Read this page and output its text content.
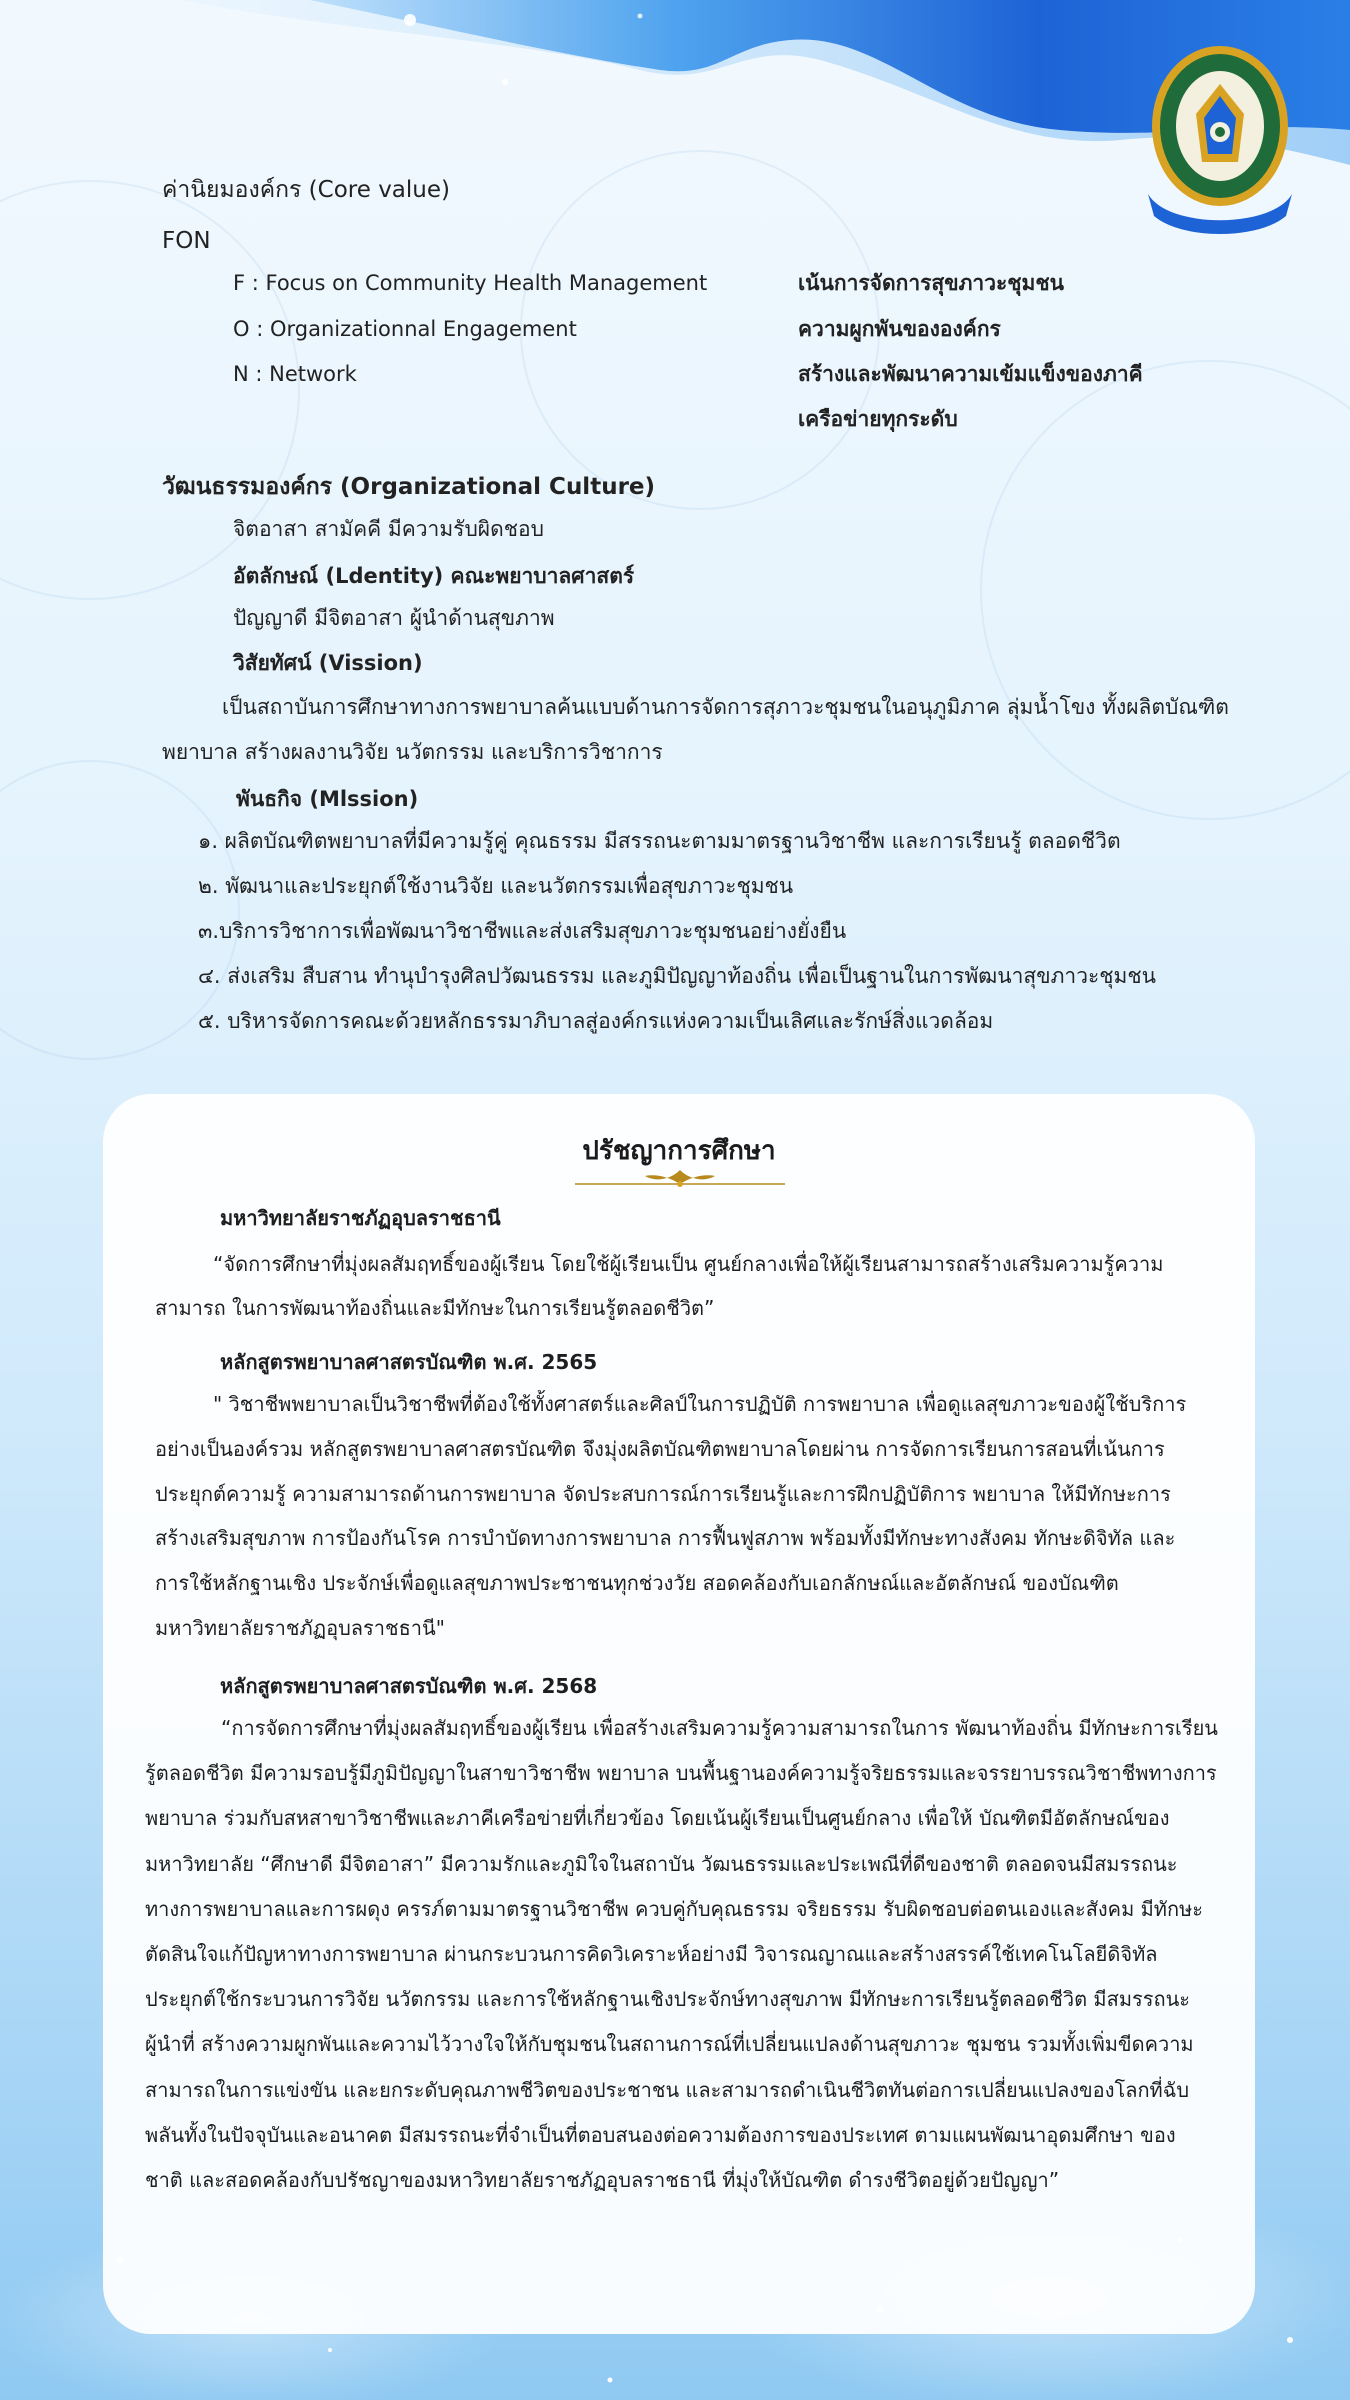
ค่านิยมองค์กร (Core value)
FON
F : Focus on Community Health Management	เน้นการจัดการสุขภาวะชุมชน
O : Organizationnal Engagement	ความผูกพันขององค์กร
N : Network	สร้างและพัฒนาความเข้มแข็งของภาคี
เครือข่ายทุกระดับ
วัฒนธรรมองค์กร (Organizational Culture)
จิตอาสา สามัคคี มีความรับผิดชอบ
อัตลักษณ์ (Ldentity) คณะพยาบาลศาสตร์
ปัญญาดี มีจิตอาสา ผู้นำด้านสุขภาพ
วิสัยทัศน์ (Vission)
เป็นสถาบันการศึกษาทางการพยาบาลค้นแบบด้านการจัดการสุภาวะชุมชนในอนุภูมิภาค ลุ่มน้ำโขง ทั้งผลิตบัณฑิต
พยาบาล สร้างผลงานวิจัย นวัตกรรม และบริการวิชาการ
พันธกิจ (Mlssion)
๑. ผลิตบัณฑิตพยาบาลที่มีความรู้คู่ คุณธรรม มีสรรถนะตามมาตรฐานวิชาชีพ และการเรียนรู้ ตลอดชีวิต
๒. พัฒนาและประยุกต์ใช้งานวิจัย และนวัตกรรมเพื่อสุขภาวะชุมชน
๓.บริการวิชาการเพื่อพัฒนาวิชาชีพและส่งเสริมสุขภาวะชุมชนอย่างยั่งยืน
๔. ส่งเสริม สืบสาน ทำนุบำรุงศิลปวัฒนธรรม และภูมิปัญญาท้องถิ่น เพื่อเป็นฐานในการพัฒนาสุขภาวะชุมชน
๕. บริหารจัดการคณะด้วยหลักธรรมาภิบาลสู่องค์กรแห่งความเป็นเลิศและรักษ์สิ่งแวดล้อม
ปรัชญาการศึกษา
มหาวิทยาลัยราชภัฏอุบลราชธานี
“จัดการศึกษาที่มุ่งผลสัมฤทธิ์ของผู้เรียน โดยใช้ผู้เรียนเป็น ศูนย์กลางเพื่อให้ผู้เรียนสามารถสร้างเสริมความรู้ความ
สามารถ ในการพัฒนาท้องถิ่นและมีทักษะในการเรียนรู้ตลอดชีวิต”
หลักสูตรพยาบาลศาสตรบัณฑิต พ.ศ. 2565
" วิชาชีพพยาบาลเป็นวิชาชีพที่ต้องใช้ทั้งศาสตร์และศิลป์ในการปฏิบัติ การพยาบาล เพื่อดูแลสุขภาวะของผู้ใช้บริการ
อย่างเป็นองค์รวม หลักสูตรพยาบาลศาสตรบัณฑิต จึงมุ่งผลิตบัณฑิตพยาบาลโดยผ่าน การจัดการเรียนการสอนที่เน้นการ
ประยุกต์ความรู้ ความสามารถด้านการพยาบาล จัดประสบการณ์การเรียนรู้และการฝึกปฏิบัติการ พยาบาล ให้มีทักษะการ
สร้างเสริมสุขภาพ การป้องกันโรค การบำบัดทางการพยาบาล การฟื้นฟูสภาพ พร้อมทั้งมีทักษะทางสังคม ทักษะดิจิทัล และ
การใช้หลักฐานเชิง ประจักษ์เพื่อดูแลสุขภาพประชาชนทุกช่วงวัย สอดคล้องกับเอกลักษณ์และอัตลักษณ์ ของบัณฑิต
มหาวิทยาลัยราชภัฏอุบลราชธานี"
หลักสูตรพยาบาลศาสตรบัณฑิต พ.ศ. 2568
“การจัดการศึกษาที่มุ่งผลสัมฤทธิ์ของผู้เรียน เพื่อสร้างเสริมความรู้ความสามารถในการ พัฒนาท้องถิ่น มีทักษะการเรียน
รู้ตลอดชีวิต มีความรอบรู้มีภูมิปัญญาในสาขาวิชาชีพ พยาบาล บนพื้นฐานองค์ความรู้จริยธรรมและจรรยาบรรณวิชาชีพทางการ
พยาบาล ร่วมกับสหสาขาวิชาชีพและภาคีเครือข่ายที่เกี่ยวข้อง โดยเน้นผู้เรียนเป็นศูนย์กลาง เพื่อให้ บัณฑิตมีอัตลักษณ์ของ
มหาวิทยาลัย “ศึกษาดี มีจิตอาสา” มีความรักและภูมิใจในสถาบัน วัฒนธรรมและประเพณีที่ดีของชาติ ตลอดจนมีสมรรถนะ
ทางการพยาบาลและการผดุง ครรภ์ตามมาตรฐานวิชาชีพ ควบคู่กับคุณธรรม จริยธรรม รับผิดชอบต่อตนเองและสังคม มีทักษะ
ตัดสินใจแก้ปัญหาทางการพยาบาล ผ่านกระบวนการคิดวิเคราะห์อย่างมี วิจารณญาณและสร้างสรรค์ใช้เทคโนโลยีดิจิทัล
ประยุกต์ใช้กระบวนการวิจัย นวัตกรรม และการใช้หลักฐานเชิงประจักษ์ทางสุขภาพ มีทักษะการเรียนรู้ตลอดชีวิต มีสมรรถนะ
ผู้นำที่ สร้างความผูกพันและความไว้วางใจให้กับชุมชนในสถานการณ์ที่เปลี่ยนแปลงด้านสุขภาวะ ชุมชน รวมทั้งเพิ่มขีดความ
สามารถในการแข่งขัน และยกระดับคุณภาพชีวิตของประชาชน และสามารถดำเนินชีวิตทันต่อการเปลี่ยนแปลงของโลกที่ฉับ
พลันทั้งในปัจจุบันและอนาคต มีสมรรถนะที่จำเป็นที่ตอบสนองต่อความต้องการของประเทศ ตามแผนพัฒนาอุดมศึกษา ของ
ชาติ และสอดคล้องกับปรัชญาของมหาวิทยาลัยราชภัฏอุบลราชธานี ที่มุ่งให้บัณฑิต ดำรงชีวิตอยู่ด้วยปัญญา”
